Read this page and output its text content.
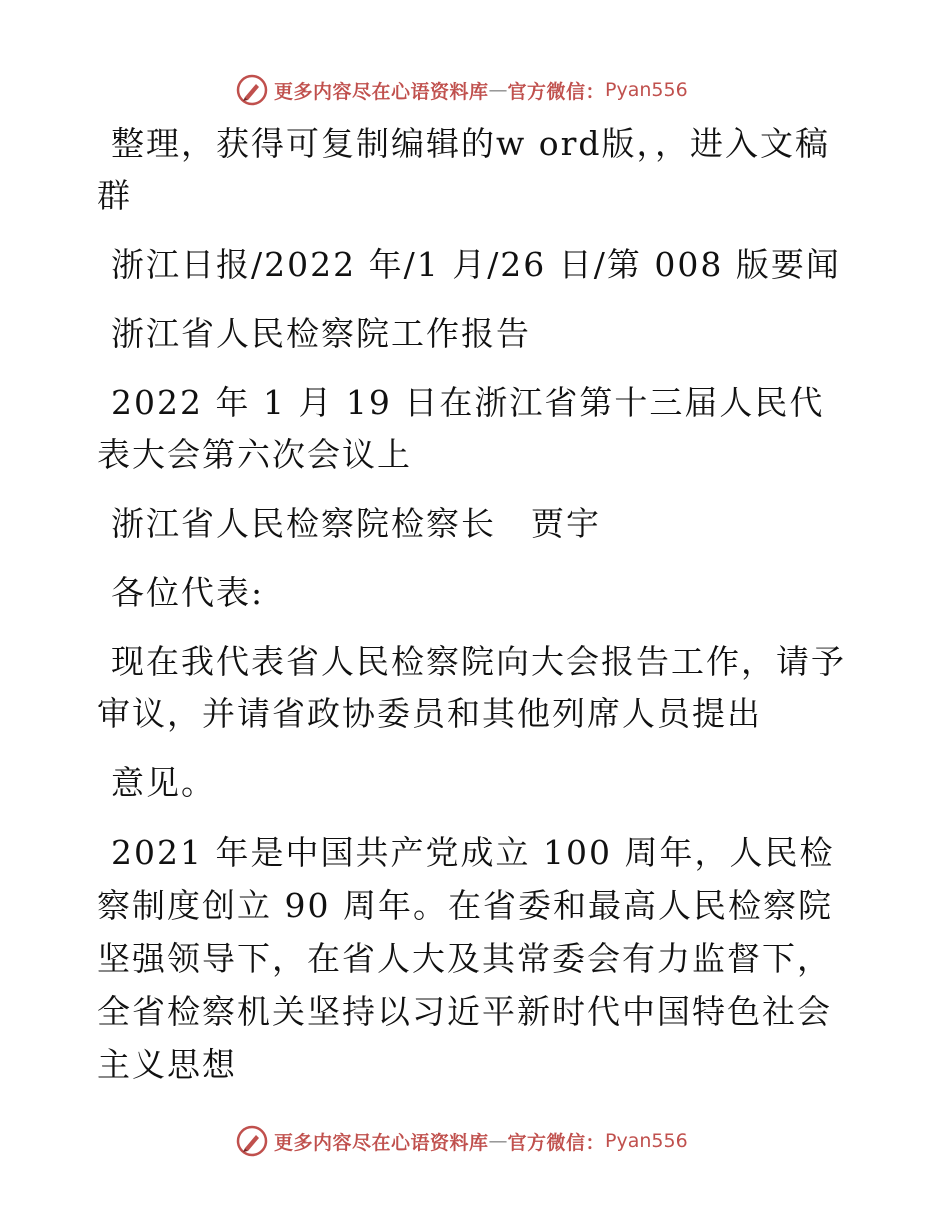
更多内容尽在心语资料库 — 官方微信： Pyan556

整理，获得可复制编辑的w ord版，，进入文稿群

浙江日报/2022 年/1 月/26 日/第 008 版要闻

浙江省人民检察院工作报告

2022 年 1 月 19 日在浙江省第十三届人民代表大会第六次会议上

浙江省人民检察院检察长　贾宇

各位代表:

现在我代表省人民检察院向大会报告工作，请予审议，并请省政协委员和其他列席人员提出

意见。

2021 年是中国共产党成立 100 周年，人民检察制度创立 90 周年。在省委和最高人民检察院坚强领导下，在省人大及其常委会有力监督下，全省检察机关坚持以习近平新时代中国特色社会主义思想

更多内容尽在心语资料库 — 官方微信： Pyan556
